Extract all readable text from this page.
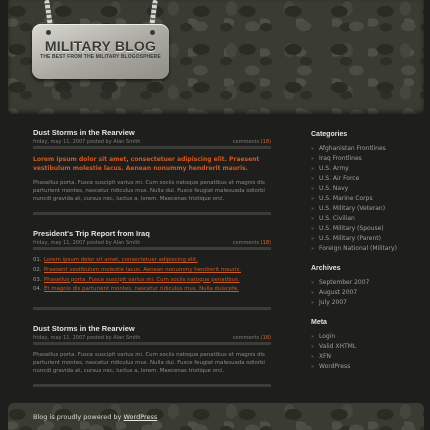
MILITARY BLOG
THE BEST FROM THE MILITARY BLOGOSPHERE
Dust Storms in the Rearview
friday, may 11, 2007 posted by Alan Smith	comments (18)

Lorem ipsum dolor sit amet, consectetuer adipiscing elit. Praesent vestibulum molestie lacus. Aenean nonummy hendrerit mauris.

Phasellus porta. Fusce suscipit varius mi. Cum sociis natoque penatibus et magnis dis parturient montes, nascetur ridiculus mus. Nulla dui. Fusce feugiat malesuada odiorbi nuncdi gravida at, cursus nec, luctus a, lorem. Maecenas tristique orci.

President's Trip Report from Iraq
friday, may 11, 2007 posted by Alan Smith	comments (18)
01. Lorem ipsum dolor sit amet, consectetuer adipiscing elit.
02. Praesent vestibulum molestie lacus. Aenean nonummy hendrerit mauris.
03. Phasellus porta. Fusce suscipit varius mi. Cum sociis natoque penatibus.
04. Et magnis dis parturient montes, nascetur ridiculus mus. Nulla duiscefe.
Dust Storms in the Rearview
friday, may 11, 2007 posted by Alan Smith	comments (18)

Phasellus porta. Fusce suscipit varius mi. Cum sociis natoque penatibus et magnis dis parturient montes, nascetur ridiculus mus. Nulla dui. Fusce feugiat malesuada odiorbi nuncdi gravida at, cursus nec, luctus a, lorem. Maecenas tristique orci.

Categories
» Afghanistan Frontlines
» Iraq Frontlines
» U.S. Army
» U.S. Air Force
» U.S. Navy
» U.S. Marine Corps
» U.S. Military (Veteran)
» U.S. Civilian
» U.S. Military (Spouse)
» U.S. Military (Parent)
» Foreign National (Military)
Archives
» September 2007
» August 2007
» July 2007
Meta
» Login
» Valid XHTML
» XFN
» WordPress
Blog is proudly powered by WordPress
